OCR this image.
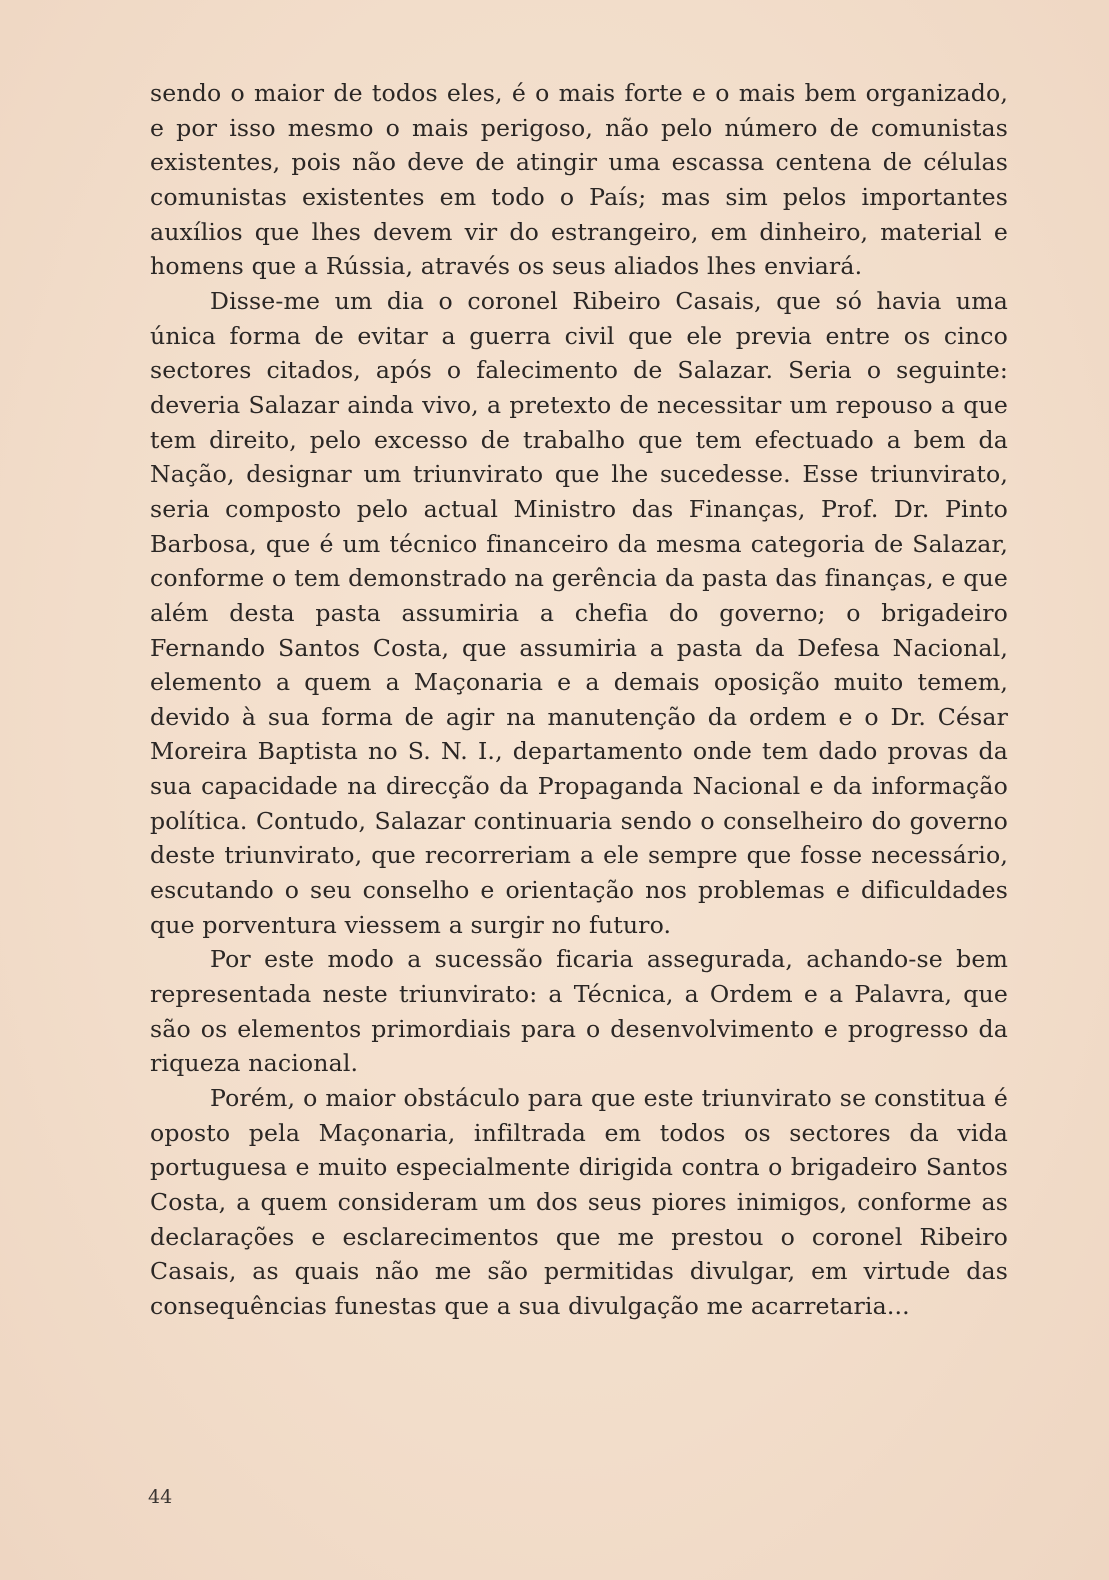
sendo o maior de todos eles, é o mais forte e o mais bem organizado, e por isso mesmo o mais perigoso, não pelo número de comunistas existentes, pois não deve de atingir uma escassa centena de células comunistas existentes em todo o País; mas sim pelos importantes auxílios que lhes devem vir do estrangeiro, em dinheiro, material e homens que a Rússia, através os seus aliados lhes enviará.

Disse-me um dia o coronel Ribeiro Casais, que só havia uma única forma de evitar a guerra civil que ele previa entre os cinco sectores citados, após o falecimento de Salazar. Seria o seguinte: deveria Salazar ainda vivo, a pretexto de necessitar um repouso a que tem direito, pelo excesso de trabalho que tem efectuado a bem da Nação, designar um triunvirato que lhe sucedesse. Esse triunvirato, seria composto pelo actual Ministro das Finanças, Prof. Dr. Pinto Barbosa, que é um técnico financeiro da mesma categoria de Salazar, conforme o tem demonstrado na gerência da pasta das finanças, e que além desta pasta assumiria a chefia do governo; o brigadeiro Fernando Santos Costa, que assumiria a pasta da Defesa Nacional, elemento a quem a Maçonaria e a demais oposição muito temem, devido à sua forma de agir na manutenção da ordem e o Dr. César Moreira Baptista no S. N. I., departamento onde tem dado provas da sua capacidade na direcção da Propaganda Nacional e da informação política. Contudo, Salazar continuaria sendo o conselheiro do governo deste triunvirato, que recorreriam a ele sempre que fosse necessário, escutando o seu conselho e orientação nos problemas e dificuldades que porventura viessem a surgir no futuro.

Por este modo a sucessão ficaria assegurada, achando-se bem representada neste triunvirato: a Técnica, a Ordem e a Palavra, que são os elementos primordiais para o desenvolvimento e progresso da riqueza nacional.

Porém, o maior obstáculo para que este triunvirato se constitua é oposto pela Maçonaria, infiltrada em todos os sectores da vida portuguesa e muito especialmente dirigida contra o brigadeiro Santos Costa, a quem consideram um dos seus piores inimigos, conforme as declarações e esclarecimentos que me prestou o coronel Ribeiro Casais, as quais não me são permitidas divulgar, em virtude das consequências funestas que a sua divulgação me acarretaria...

44
